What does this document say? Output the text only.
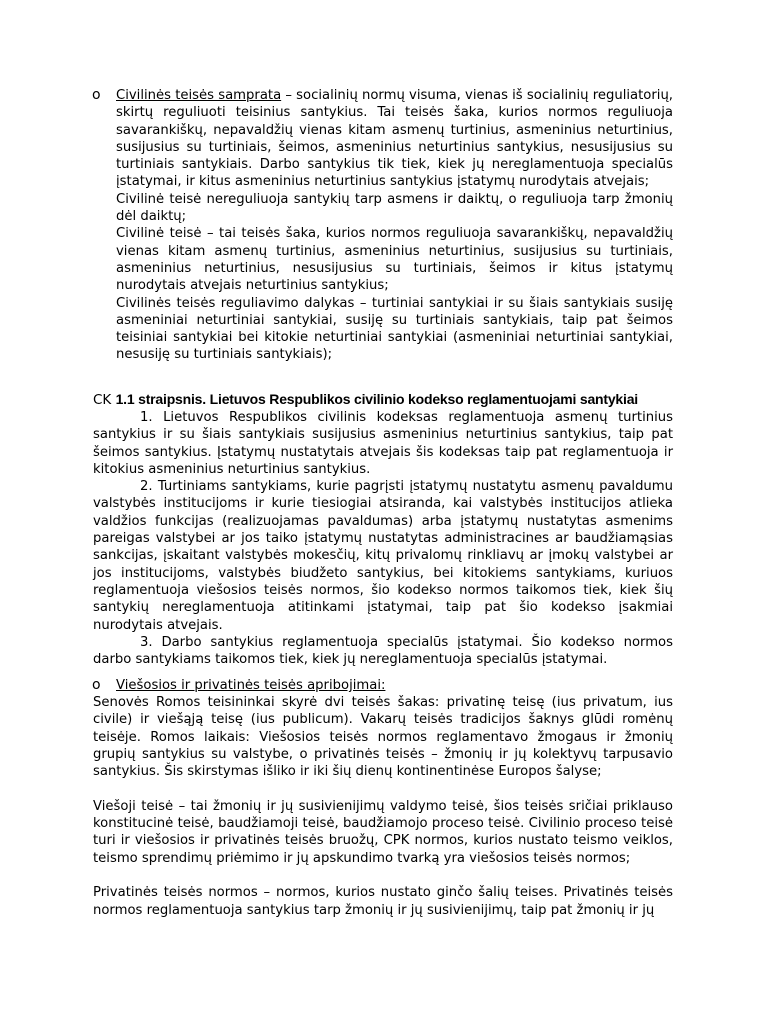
o Civilinės teisės samprata – socialinių normų visuma, vienas iš socialinių reguliatorių, skirtų reguliuoti teisinius santykius. Tai teisės šaka, kurios normos reguliuoja savarankiškų, nepavaldžių vienas kitam asmenų turtinius, asmeninius neturtinius, susijusius su turtiniais, šeimos, asmeninius neturtinius santykius, nesusijusius su turtiniais santykiais. Darbo santykius tik tiek, kiek jų nereglamentuoja specialūs įstatymai, ir kitus asmeninius neturtinius santykius įstatymų nurodytais atvejais;

Civilinė teisė nereguliuoja santykių tarp asmens ir daiktų, o reguliuoja tarp žmonių dėl daiktų;

Civilinė teisė – tai teisės šaka, kurios normos reguliuoja savarankiškų, nepavaldžių vienas kitam asmenų turtinius, asmeninius neturtinius, susijusius su turtiniais, asmeninius neturtinius, nesusijusius su turtiniais, šeimos ir kitus įstatymų nurodytais atvejais neturtinius santykius;

Civilinės teisės reguliavimo dalykas – turtiniai santykiai ir su šiais santykiais susiję asmeniniai neturtiniai santykiai, susiję su turtiniais santykiais, taip pat šeimos teisiniai santykiai bei kitokie neturtiniai santykiai (asmeniniai neturtiniai santykiai, nesusiję su turtiniais santykiais);

CK 1.1 straipsnis. Lietuvos Respublikos civilinio kodekso reglamentuojami santykiai

1. Lietuvos Respublikos civilinis kodeksas reglamentuoja asmenų turtinius santykius ir su šiais santykiais susijusius asmeninius neturtinius santykius, taip pat šeimos santykius. Įstatymų nustatytais atvejais šis kodeksas taip pat reglamentuoja ir kitokius asmeninius neturtinius santykius.

2. Turtiniams santykiams, kurie pagrįsti įstatymų nustatytu asmenų pavaldumu valstybės institucijoms ir kurie tiesiogiai atsiranda, kai valstybės institucijos atlieka valdžios funkcijas (realizuojamas pavaldumas) arba įstatymų nustatytas asmenims pareigas valstybei ar jos taiko įstatymų nustatytas administracines ar baudžiamąsias sankcijas, įskaitant valstybės mokesčių, kitų privalomų rinkliavų ar įmokų valstybei ar jos institucijoms, valstybės biudžeto santykius, bei kitokiems santykiams, kuriuos reglamentuoja viešosios teisės normos, šio kodekso normos taikomos tiek, kiek šių santykių nereglamentuoja atitinkami įstatymai, taip pat šio kodekso įsakmiai nurodytais atvejais.

3. Darbo santykius reglamentuoja specialūs įstatymai. Šio kodekso normos darbo santykiams taikomos tiek, kiek jų nereglamentuoja specialūs įstatymai.

o Viešosios ir privatinės teisės apribojimai:

Senovės Romos teisininkai skyrė dvi teisės šakas: privatinę teisę (ius privatum, ius civile) ir viešąją teisę (ius publicum). Vakarų teisės tradicijos šaknys glūdi romėnų teisėje. Romos laikais: Viešosios teisės normos reglamentavo žmogaus ir žmonių grupių santykius su valstybe, o privatinės teisės – žmonių ir jų kolektyvų tarpusavio santykius. Šis skirstymas išliko ir iki šių dienų kontinentinėse Europos šalyse;

Viešoji teisė – tai žmonių ir jų susivienijimų valdymo teisė, šios teisės sričiai priklauso konstitucinė teisė, baudžiamoji teisė, baudžiamojo proceso teisė. Civilinio proceso teisė turi ir viešosios ir privatinės teisės bruožų, CPK normos, kurios nustato teismo veiklos, teismo sprendimų priėmimo ir jų apskundimo tvarką yra viešosios teisės normos;

Privatinės teisės normos – normos, kurios nustato ginčo šalių teises. Privatinės teisės normos reglamentuoja santykius tarp žmonių ir jų susivienijimų, taip pat žmonių ir jų
